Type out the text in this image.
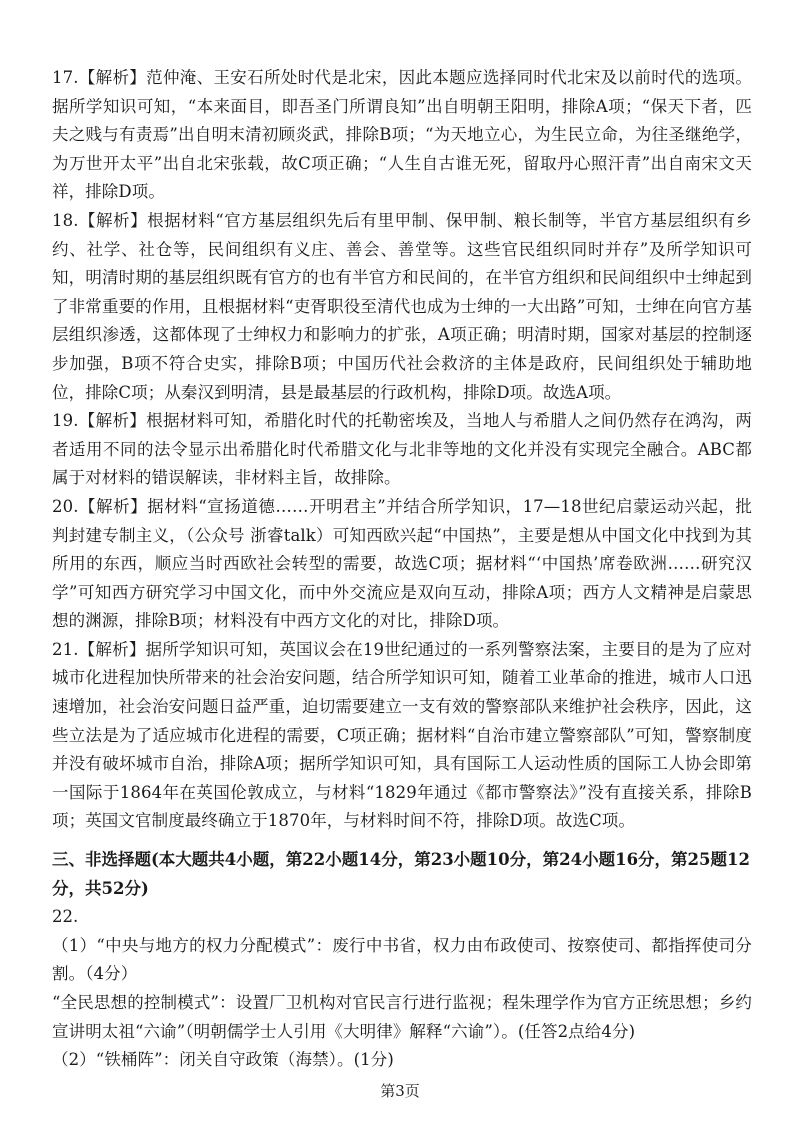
17.【解析】范仲淹、王安石所处时代是北宋，因此本题应选择同时代北宋及以前时代的选项。据所学知识可知，“本来面目，即吾圣门所谓良知”出自明朝王阳明，排除A项；“保天下者，匹夫之贱与有责焉”出自明末清初顾炎武，排除B项；“为天地立心，为生民立命，为往圣继绝学，为万世开太平”出自北宋张载，故C项正确；“人生自古谁无死，留取丹心照汗青”出自南宋文天祥，排除D项。

18.【解析】根据材料“官方基层组织先后有里甲制、保甲制、粮长制等，半官方基层组织有乡约、社学、社仓等，民间组织有义庄、善会、善堂等。这些官民组织同时并存”及所学知识可知，明清时期的基层组织既有官方的也有半官方和民间的，在半官方组织和民间组织中士绅起到了非常重要的作用，且根据材料“吏胥职役至清代也成为士绅的一大出路”可知，士绅在向官方基层组织渗透，这都体现了士绅权力和影响力的扩张，A项正确；明清时期，国家对基层的控制逐步加强，B项不符合史实，排除B项；中国历代社会救济的主体是政府，民间组织处于辅助地位，排除C项；从秦汉到明清，县是最基层的行政机构，排除D项。故选A项。

19.【解析】根据材料可知，希腊化时代的托勒密埃及，当地人与希腊人之间仍然存在鸿沟，两者适用不同的法令显示出希腊化时代希腊文化与北非等地的文化并没有实现完全融合。ABC都属于对材料的错误解读，非材料主旨，故排除。

20.【解析】据材料“宣扬道德……开明君主”并结合所学知识，17—18世纪启蒙运动兴起，批判封建专制主义，（公众号 浙睿talk）可知西欧兴起“中国热”，主要是想从中国文化中找到为其所用的东西，顺应当时西欧社会转型的需要，故选C项；据材料“‘中国热’席卷欧洲……研究汉学”可知西方研究学习中国文化，而中外交流应是双向互动，排除A项；西方人文精神是启蒙思想的渊源，排除B项；材料没有中西方文化的对比，排除D项。

21.【解析】据所学知识可知，英国议会在19世纪通过的一系列警察法案，主要目的是为了应对城市化进程加快所带来的社会治安问题，结合所学知识可知，随着工业革命的推进，城市人口迅速增加，社会治安问题日益严重，迫切需要建立一支有效的警察部队来维护社会秩序，因此，这些立法是为了适应城市化进程的需要，C项正确；据材料“自治市建立警察部队”可知，警察制度并没有破坏城市自治，排除A项；据所学知识可知，具有国际工人运动性质的国际工人协会即第一国际于1864年在英国伦敦成立，与材料“1829年通过《都市警察法》”没有直接关系，排除B项；英国文官制度最终确立于1870年，与材料时间不符，排除D项。故选C项。

三、非选择题(本大题共4小题，第22小题14分，第23小题10分，第24小题16分，第25题12分，共52分)

22.

（1）“中央与地方的权力分配模式”：废行中书省，权力由布政使司、按察使司、都指挥使司分割。（4分）

“全民思想的控制模式”：设置厂卫机构对官民言行进行监视；程朱理学作为官方正统思想；乡约宣讲明太祖“六谕”（明朝儒学士人引用《大明律》解释“六谕”）。(任答2点给4分)

（2）“铁桶阵”：闭关自守政策（海禁）。(1分)

第3页
